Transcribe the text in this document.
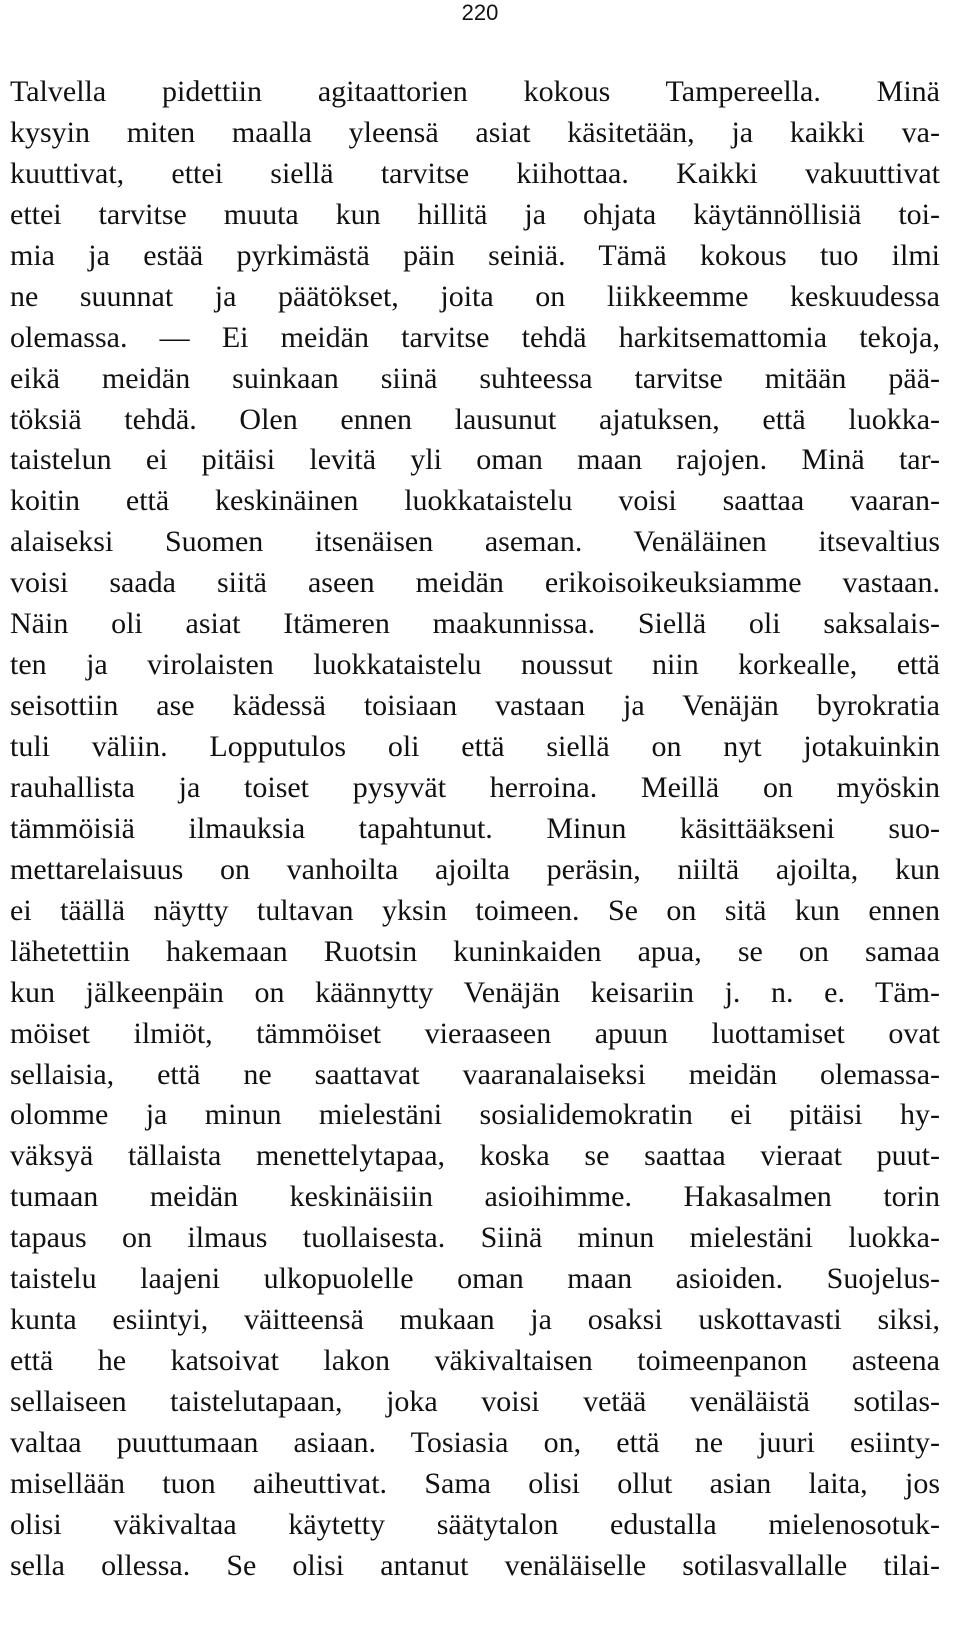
220
Talvella pidettiin agitaattorien kokous Tampereella. Minä
kysyin miten maalla yleensä asiat käsitetään, ja kaikki va-
kuuttivat, ettei siellä tarvitse kiihottaa. Kaikki vakuuttivat
ettei tarvitse muuta kun hillitä ja ohjata käytännöllisiä toi-
mia ja estää pyrkimästä päin seiniä. Tämä kokous tuo ilmi
ne suunnat ja päätökset, joita on liikkeemme keskuudessa
olemassa. — Ei meidän tarvitse tehdä harkitsemattomia tekoja,
eikä meidän suinkaan siinä suhteessa tarvitse mitään pää-
töksiä tehdä. Olen ennen lausunut ajatuksen, että luokka-
taistelun ei pitäisi levitä yli oman maan rajojen. Minä tar-
koitin että keskinäinen luokkataistelu voisi saattaa vaaran-
alaiseksi Suomen itsenäisen aseman. Venäläinen itsevaltius
voisi saada siitä aseen meidän erikoisoikeuksiamme vastaan.
Näin oli asiat Itämeren maakunnissa. Siellä oli saksalais-
ten ja virolaisten luokkataistelu noussut niin korkealle, että
seisottiin ase kädessä toisiaan vastaan ja Venäjän byrokratia
tuli väliin. Lopputulos oli että siellä on nyt jotakuinkin
rauhallista ja toiset pysyvät herroina. Meillä on myöskin
tämmöisiä ilmauksia tapahtunut. Minun käsittääkseni suo-
mettarelaisuus on vanhoilta ajoilta peräsin, niiltä ajoilta, kun
ei täällä näytty tultavan yksin toimeen. Se on sitä kun ennen
lähetettiin hakemaan Ruotsin kuninkaiden apua, se on samaa
kun jälkeenpäin on käännytty Venäjän keisariin j. n. e. Täm-
möiset ilmiöt, tämmöiset vieraaseen apuun luottamiset ovat
sellaisia, että ne saattavat vaaranalaiseksi meidän olemassa-
olomme ja minun mielestäni sosialidemokratin ei pitäisi hy-
väksyä tällaista menettelytapaa, koska se saattaa vieraat puut-
tumaan meidän keskinäisiin asioihimme. Hakasalmen torin
tapaus on ilmaus tuollaisesta. Siinä minun mielestäni luokka-
taistelu laajeni ulkopuolelle oman maan asioiden. Suojelus-
kunta esiintyi, väitteensä mukaan ja osaksi uskottavasti siksi,
että he katsoivat lakon väkivaltaisen toimeenpanon asteena
sellaiseen taistelutapaan, joka voisi vetää venäläistä sotilas-
valtaa puuttumaan asiaan. Tosiasia on, että ne juuri esiinty-
misellään tuon aiheuttivat. Sama olisi ollut asian laita, jos
olisi väkivaltaa käytetty säätytalon edustalla mielenosotuk-
sella ollessa. Se olisi antanut venäläiselle sotilasvallalle tilai-
